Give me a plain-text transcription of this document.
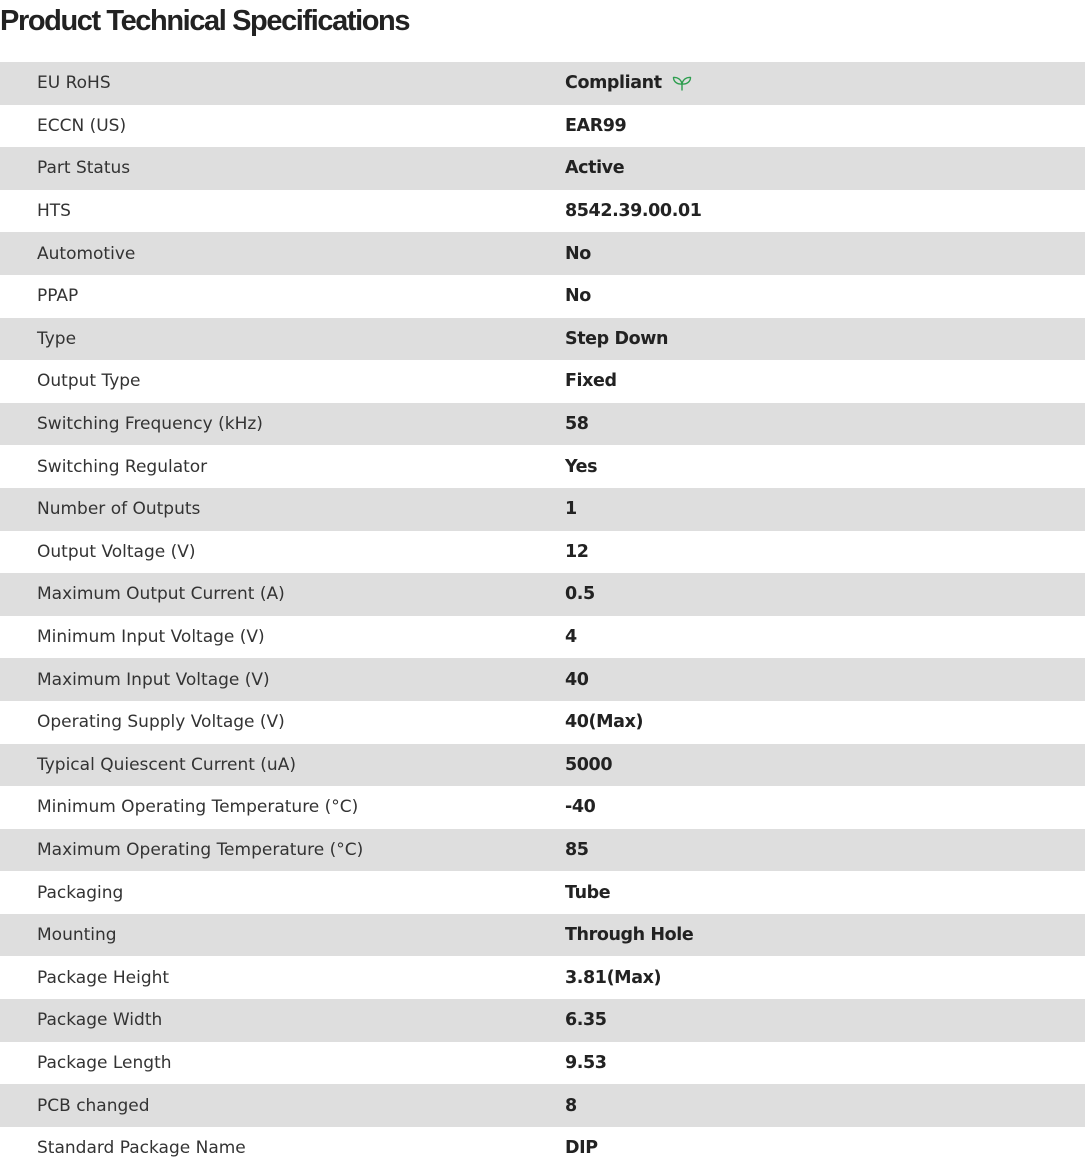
Product Technical Specifications
EU RoHS	Compliant
ECCN (US)	EAR99
Part Status	Active
HTS	8542.39.00.01
Automotive	No
PPAP	No
Type	Step Down
Output Type	Fixed
Switching Frequency (kHz)	58
Switching Regulator	Yes
Number of Outputs	1
Output Voltage (V)	12
Maximum Output Current (A)	0.5
Minimum Input Voltage (V)	4
Maximum Input Voltage (V)	40
Operating Supply Voltage (V)	40(Max)
Typical Quiescent Current (uA)	5000
Minimum Operating Temperature (°C)	-40
Maximum Operating Temperature (°C)	85
Packaging	Tube
Mounting	Through Hole
Package Height	3.81(Max)
Package Width	6.35
Package Length	9.53
PCB changed	8
Standard Package Name	DIP
